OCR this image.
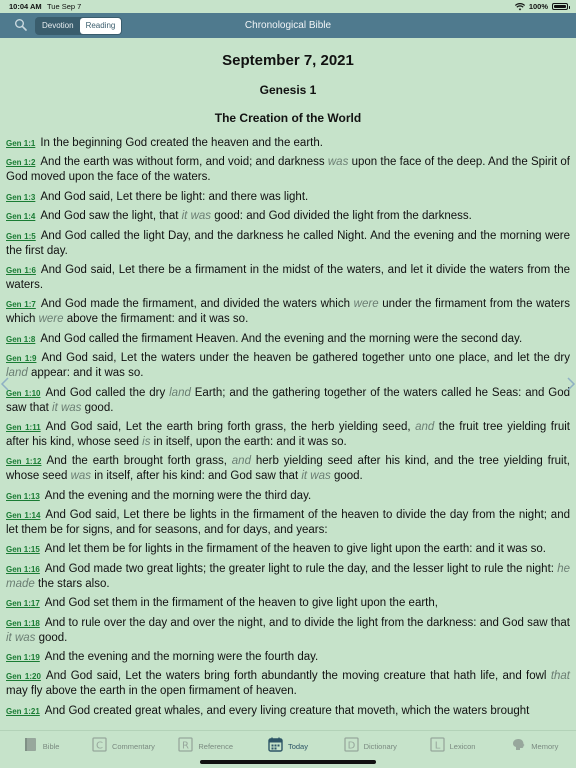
10:04 AM Tue Sep 7	100%
Devotion	Reading	Chronological Bible
September 7, 2021
Genesis 1
The Creation of the World
Gen 1:1 In the beginning God created the heaven and the earth.
Gen 1:2 And the earth was without form, and void; and darkness was upon the face of the deep. And the Spirit of God moved upon the face of the waters.
Gen 1:3 And God said, Let there be light: and there was light.
Gen 1:4 And God saw the light, that it was good: and God divided the light from the darkness.
Gen 1:5 And God called the light Day, and the darkness he called Night. And the evening and the morning were the first day.
Gen 1:6 And God said, Let there be a firmament in the midst of the waters, and let it divide the waters from the waters.
Gen 1:7 And God made the firmament, and divided the waters which were under the firmament from the waters which were above the firmament: and it was so.
Gen 1:8 And God called the firmament Heaven. And the evening and the morning were the second day.
Gen 1:9 And God said, Let the waters under the heaven be gathered together unto one place, and let the dry land appear: and it was so.
Gen 1:10 And God called the dry land Earth; and the gathering together of the waters called he Seas: and God saw that it was good.
Gen 1:11 And God said, Let the earth bring forth grass, the herb yielding seed, and the fruit tree yielding fruit after his kind, whose seed is in itself, upon the earth: and it was so.
Gen 1:12 And the earth brought forth grass, and herb yielding seed after his kind, and the tree yielding fruit, whose seed was in itself, after his kind: and God saw that it was good.
Gen 1:13 And the evening and the morning were the third day.
Gen 1:14 And God said, Let there be lights in the firmament of the heaven to divide the day from the night; and let them be for signs, and for seasons, and for days, and years:
Gen 1:15 And let them be for lights in the firmament of the heaven to give light upon the earth: and it was so.
Gen 1:16 And God made two great lights; the greater light to rule the day, and the lesser light to rule the night: he made the stars also.
Gen 1:17 And God set them in the firmament of the heaven to give light upon the earth,
Gen 1:18 And to rule over the day and over the night, and to divide the light from the darkness: and God saw that it was good.
Gen 1:19 And the evening and the morning were the fourth day.
Gen 1:20 And God said, Let the waters bring forth abundantly the moving creature that hath life, and fowl that may fly above the earth in the open firmament of heaven.
Gen 1:21 And God created great whales, and every living creature that moveth, which the waters brought
Bible	C Commentary	R Reference	Today	D Dictionary	L Lexicon	Memory
